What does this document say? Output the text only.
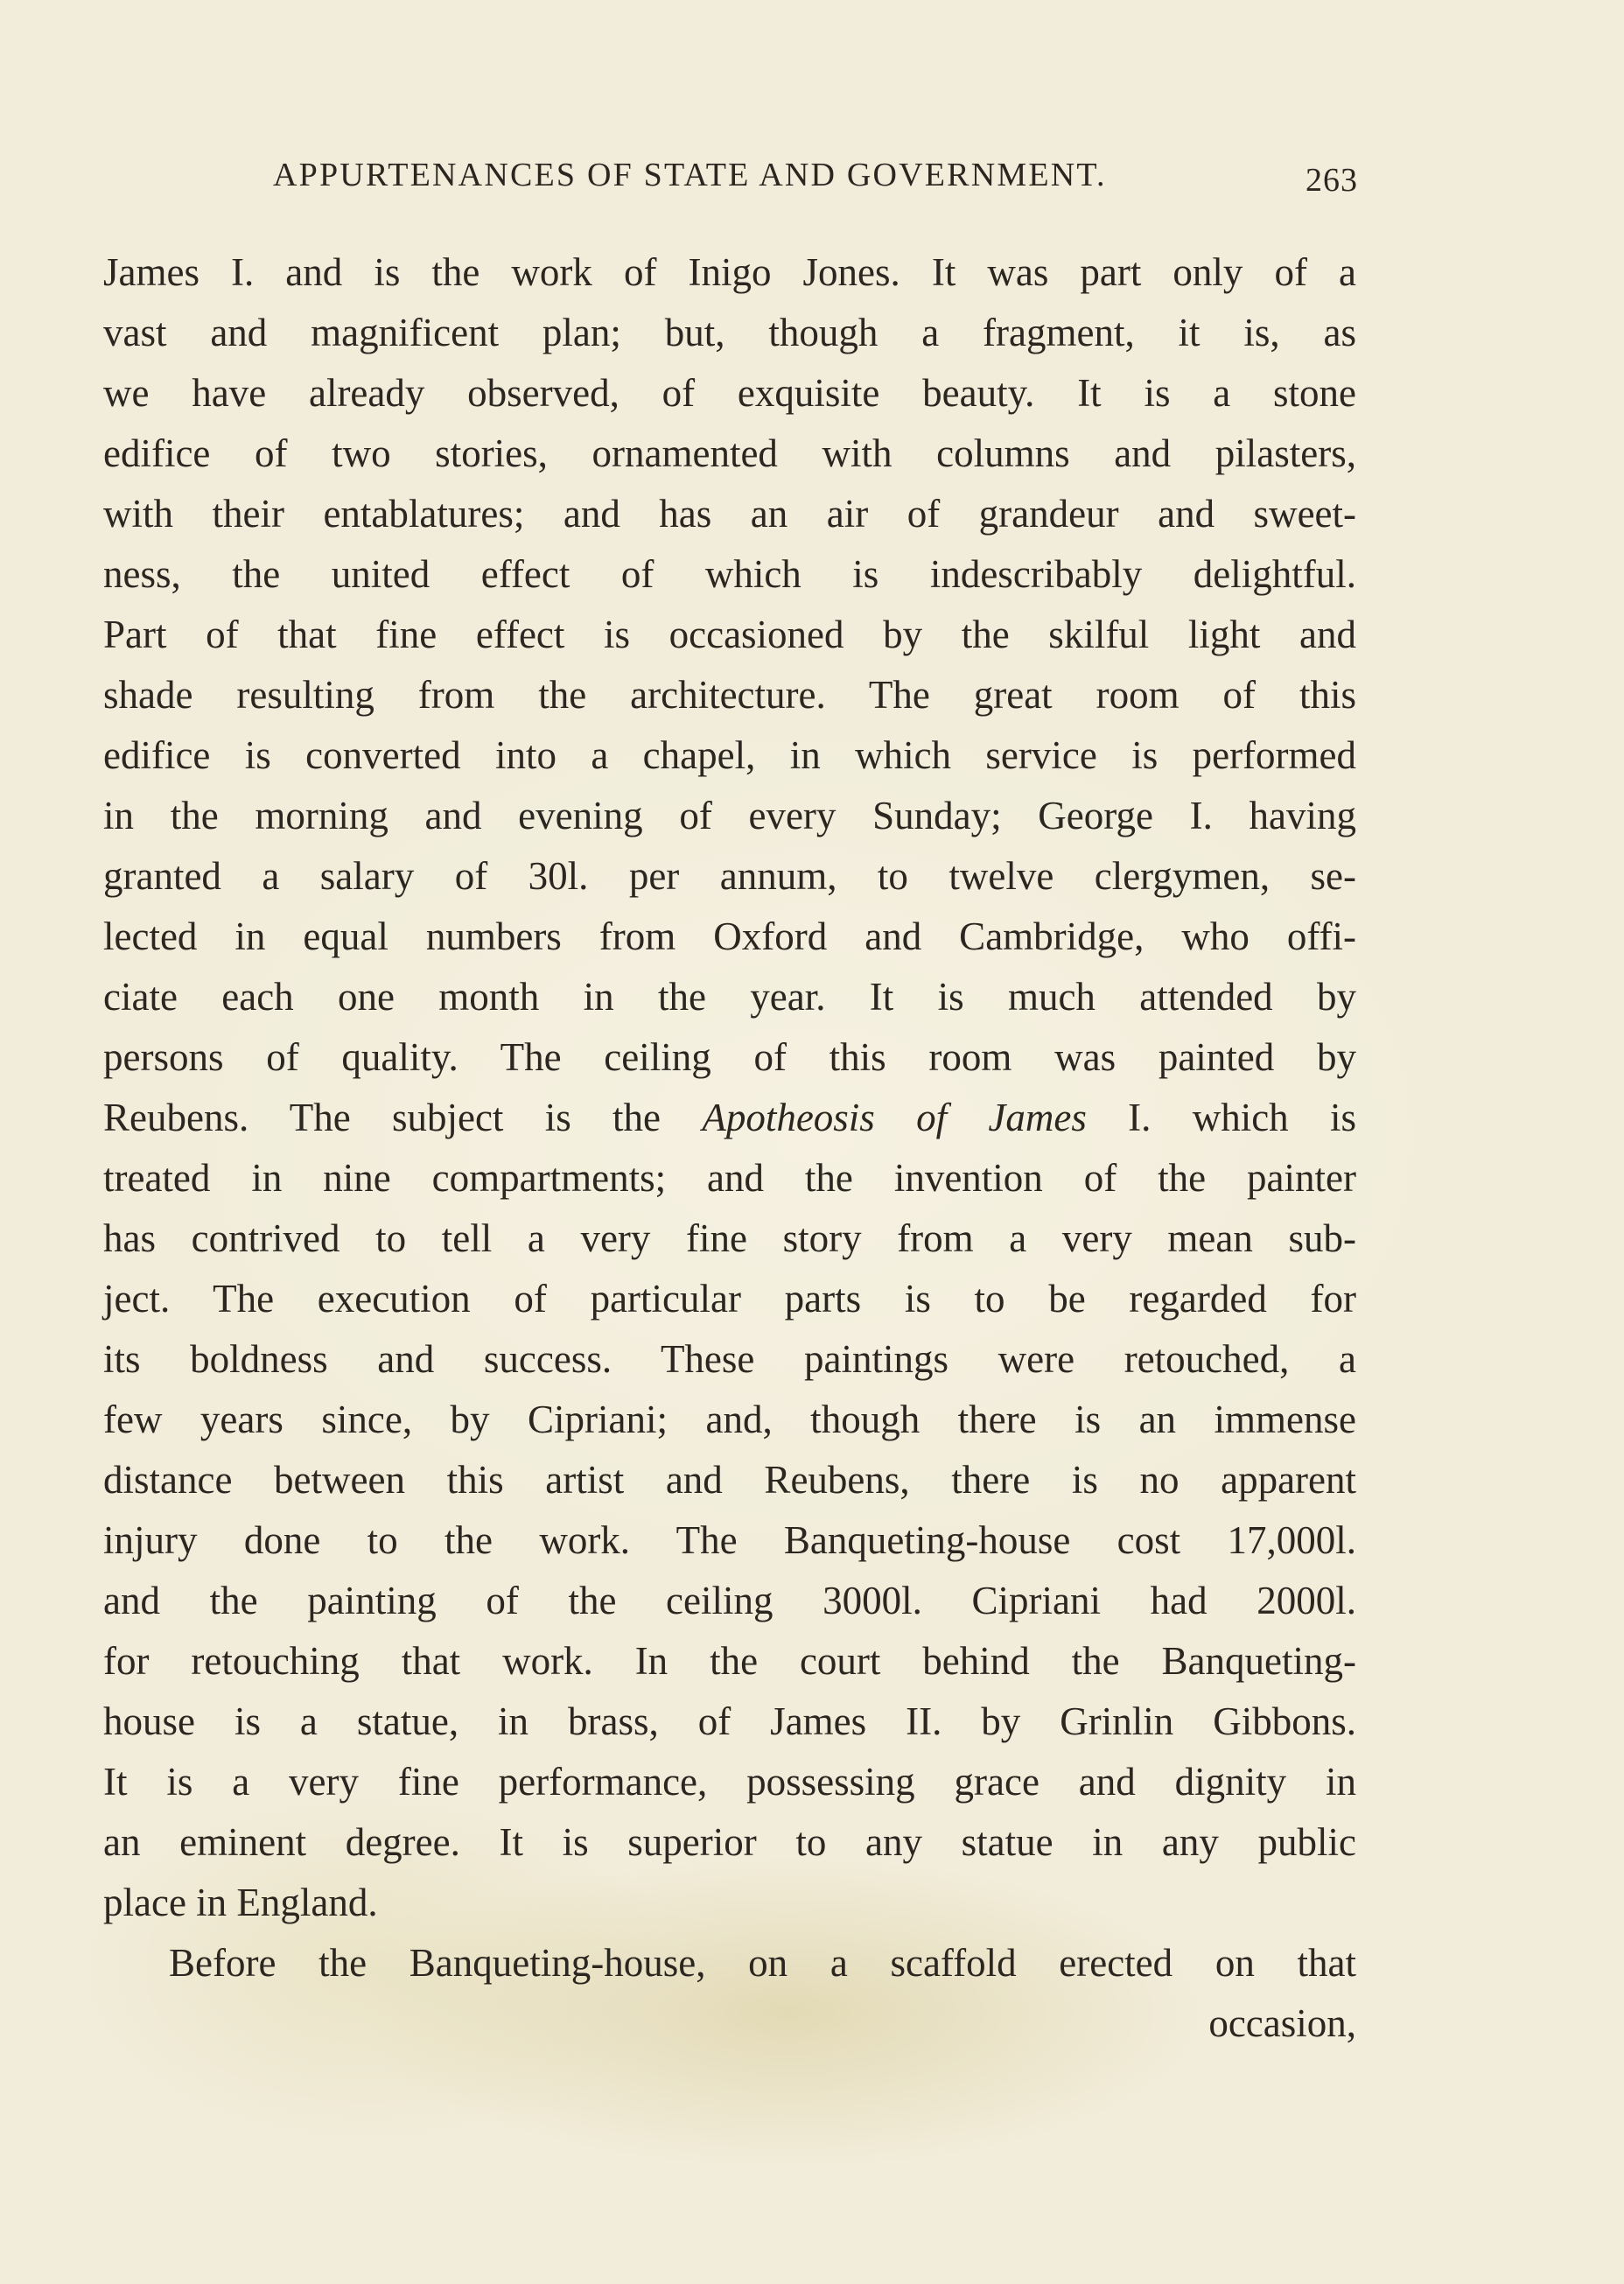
APPURTENANCES OF STATE AND GOVERNMENT.	263
James I. and is the work of Inigo Jones. It was part only of a
vast and magnificent plan; but, though a fragment, it is, as
we have already observed, of exquisite beauty. It is a stone
edifice of two stories, ornamented with columns and pilasters,
with their entablatures; and has an air of grandeur and sweet-
ness, the united effect of which is indescribably delightful.
Part of that fine effect is occasioned by the skilful light and
shade resulting from the architecture. The great room of this
edifice is converted into a chapel, in which service is performed
in the morning and evening of every Sunday; George I. having
granted a salary of 30l. per annum, to twelve clergymen, se-
lected in equal numbers from Oxford and Cambridge, who offi-
ciate each one month in the year. It is much attended by
persons of quality. The ceiling of this room was painted by
Reubens. The subject is the Apotheosis of James I. which is
treated in nine compartments; and the invention of the painter
has contrived to tell a very fine story from a very mean sub-
ject. The execution of particular parts is to be regarded for
its boldness and success. These paintings were retouched, a
few years since, by Cipriani; and, though there is an immense
distance between this artist and Reubens, there is no apparent
injury done to the work. The Banqueting-house cost 17,000l.
and the painting of the ceiling 3000l. Cipriani had 2000l.
for retouching that work. In the court behind the Banqueting-
house is a statue, in brass, of James II. by Grinlin Gibbons.
It is a very fine performance, possessing grace and dignity in
an eminent degree. It is superior to any statue in any public
place in England.
Before the Banqueting-house, on a scaffold erected on that
occasion,
